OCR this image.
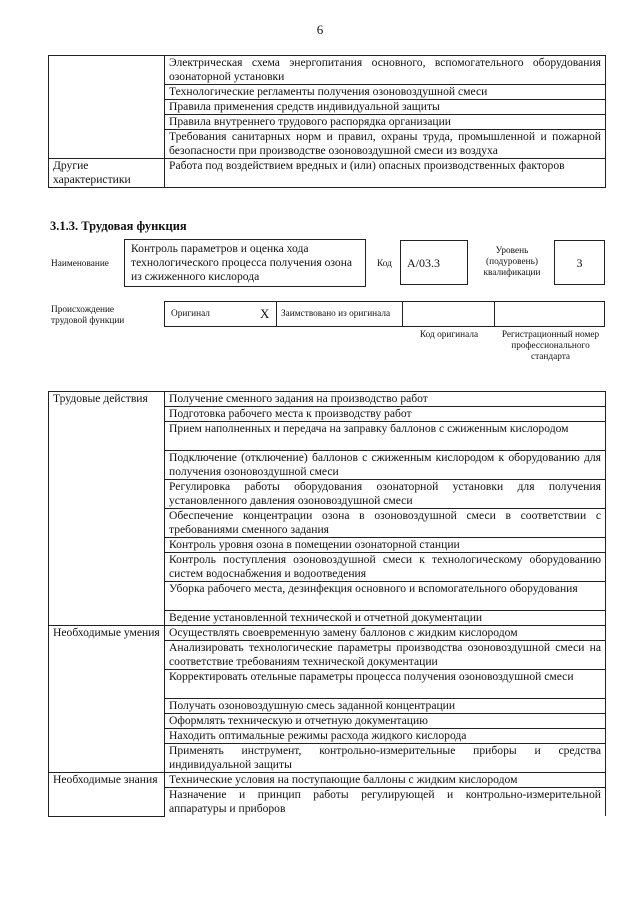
6
	Электрическая схема энергопитания основного, вспомогательного оборудования озонаторной установки
	Технологические регламенты получения озоновоздушной смеси
	Правила применения средств индивидуальной защиты
	Правила внутреннего трудового распорядка организации
	Требования санитарных норм и правил, охраны труда, промышленной и пожарной безопасности при производстве озоновоздушной смеси из воздуха
Другие характеристики	Работа под воздействием вредных и (или) опасных производственных факторов
3.1.3. Трудовая функция
Наименование
Контроль параметров и оценка хода технологического процесса получения озона из сжиженного кислорода
Код	А/03.3
Уровень (подуровень) квалификации
3
Происхождение трудовой функции
Оригинал	X	Заимствовано из оригинала
Код оригинала	Регистрационный номер профессионального стандарта
Трудовые действия	Получение сменного задания на производство работ
	Подготовка рабочего места к производству работ
	Прием наполненных и передача на заправку баллонов с сжиженным кислородом
	Подключение (отключение) баллонов с сжиженным кислородом к оборудованию для получения озоновоздушной смеси
	Регулировка работы оборудования озонаторной установки для получения установленного давления озоновоздушной смеси
	Обеспечение концентрации озона в озоновоздушной смеси в соответствии с требованиями сменного задания
	Контроль уровня озона в помещении озонаторной станции
	Контроль поступления озоновоздушной смеси к технологическому оборудованию систем водоснабжения и водоотведения
	Уборка рабочего места, дезинфекция основного и вспомогательного оборудования
	Ведение установленной технической и отчетной документации
Необходимые умения	Осуществлять своевременную замену баллонов с жидким кислородом
	Анализировать технологические параметры производства озоновоздушной смеси на соответствие требованиям технической документации
	Корректировать отельные параметры процесса получения озоновоздушной смеси
	Получать озоновоздушную смесь заданной концентрации
	Оформлять техническую и отчетную документацию
	Находить оптимальные режимы расхода жидкого кислорода
	Применять инструмент, контрольно-измерительные приборы и средства индивидуальной защиты
Необходимые знания	Технические условия на поступающие баллоны с жидким кислородом
	Назначение и принцип работы регулирующей и контрольно-измерительной аппаратуры и приборов
